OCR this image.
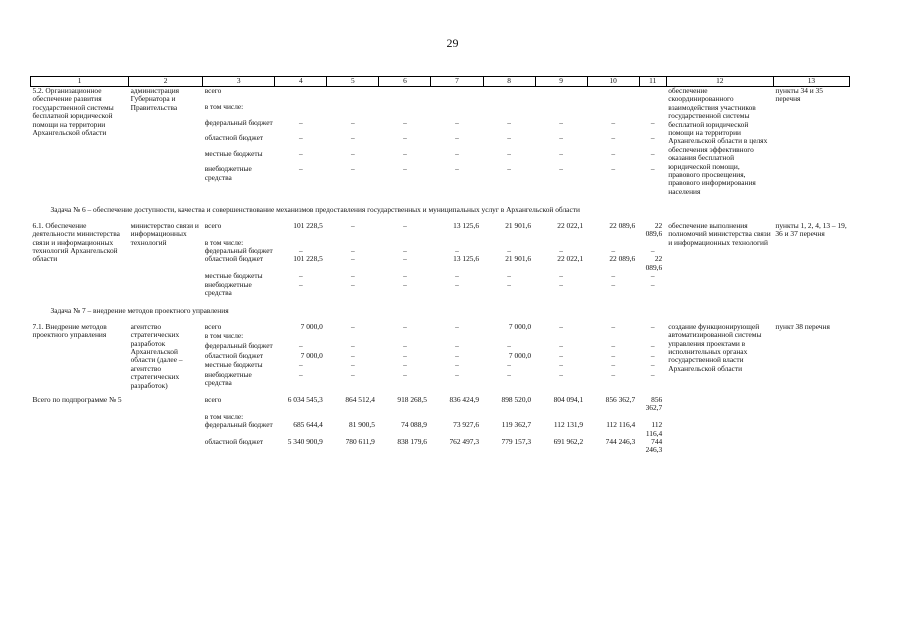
29
1	2	3	4	5	6	7	8	9	10	11	12	13
5.2. Организационное обеспечение развития государственной системы бесплатной юридической помощи на территории Архангельской области	администрация Губернатора и Правительства	всего									обеспечение скоординированного взаимодействия участников государственной системы бесплатной юридической помощи на территории Архангельской области в целях обеспечения эффективного оказания бесплатной юридической помощи, правового просвещения, правового информирования населения	пункты 34 и 35 перечня
		в том числе:										
		федеральный бюджет	–	–	–	–	–	–	–	–		
		областной бюджет	–	–	–	–	–	–	–	–		
		местные бюджеты	–	–	–	–	–	–	–	–		
		внебюджетные средства	–	–	–	–	–	–	–	–		
Задача № 6 – обеспечение доступности, качества и совершенствование механизмов предоставления государственных и муниципальных услуг в Архангельской области												
6.1. Обеспечение деятельности министерства связи и информационных технологий Архангельской области	министерство связи и информационных технологий	всего	101 228,5	–	–	13 125,6	21 901,6	22 022,1	22 089,6	22 089,6	обеспечение выполнения полномочий министерства связи и информационных технологий	пункты 1, 2, 4, 13 – 19, 36 и 37 перечня
		в том числе:										
		федеральный бюджет	–	–	–	–	–	–	–	–		
		областной бюджет	101 228,5	–	–	13 125,6	21 901,6	22 022,1	22 089,6	22 089,6		
		местные бюджеты	–	–	–	–	–	–	–	–		
		внебюджетные средства	–	–	–	–	–	–	–	–		
Задача № 7 – внедрение методов проектного управления												
7.1. Внедрение методов проектного управления	агентство стратегических разработок Архангельской области (далее – агентство стратегических разработок)	всего	7 000,0	–	–	–	7 000,0	–	–	–	создание функционирующей автоматизированной системы управления проектами в исполнительных органах государственной власти Архангельской области	пункт 38 перечня
		в том числе:										
		федеральный бюджет	–	–	–	–	–	–	–	–		
		областной бюджет	7 000,0	–	–	–	7 000,0	–	–	–		
		местные бюджеты	–	–	–	–	–	–	–	–		
		внебюджетные средства	–	–	–	–	–	–	–	–		

Всего по подпрограмме № 5		всего	6 034 545,3	864 512,4	918 268,5	836 424,9	898 520,0	804 094,1	856 362,7	856 362,7		
		в том числе:										
		федеральный бюджет	685 644,4	81 900,5	74 088,9	73 927,6	119 362,7	112 131,9	112 116,4	112 116,4		
		областной бюджет	5 340 900,9	780 611,9	838 179,6	762 497,3	779 157,3	691 962,2	744 246,3	744 246,3		
